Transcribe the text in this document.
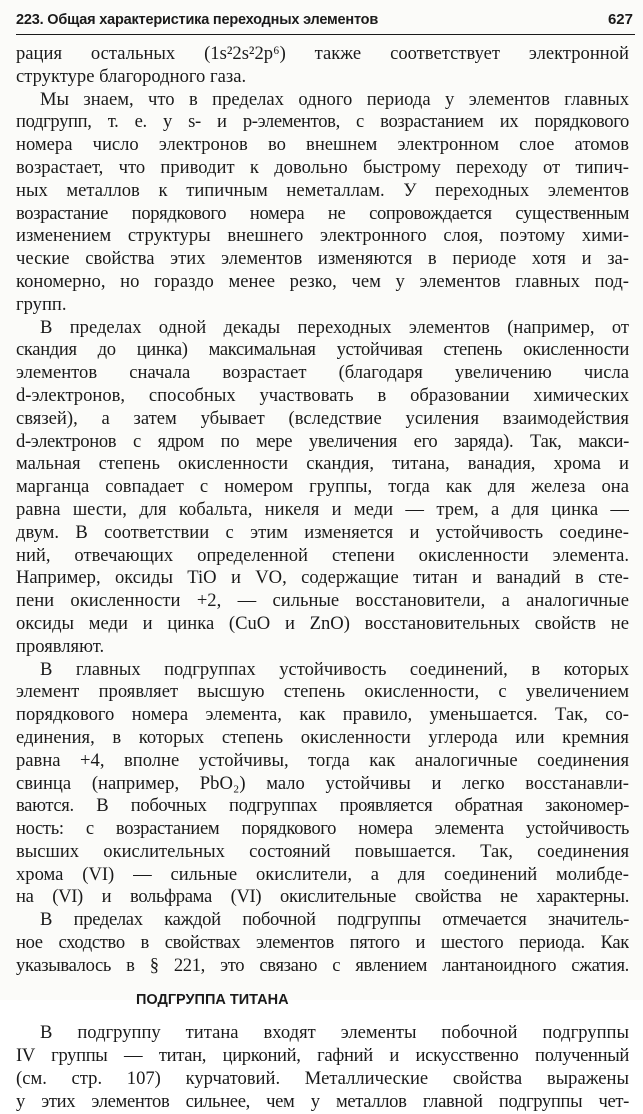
223. Общая характеристика переходных элементов	627
рация остальных (1s²2s²2p⁶) также соответствует электронной
структуре благородного газа.
Мы знаем, что в пределах одного периода у элементов главных
подгрупп, т. е. у s- и p-элементов, с возрастанием их порядкового
номера число электронов во внешнем электронном слое атомов
возрастает, что приводит к довольно быстрому переходу от типич-
ных металлов к типичным неметаллам. У переходных элементов
возрастание порядкового номера не сопровождается существенным
изменением структуры внешнего электронного слоя, поэтому хими-
ческие свойства этих элементов изменяются в периоде хотя и за-
кономерно, но гораздо менее резко, чем у элементов главных под-
групп.
В пределах одной декады переходных элементов (например, от
скандия до цинка) максимальная устойчивая степень окисленности
элементов сначала возрастает (благодаря увеличению числа
d-электронов, способных участвовать в образовании химических
связей), а затем убывает (вследствие усиления взаимодействия
d-электронов с ядром по мере увеличения его заряда). Так, макси-
мальная степень окисленности скандия, титана, ванадия, хрома и
марганца совпадает с номером группы, тогда как для железа она
равна шести, для кобальта, никеля и меди — трем, а для цинка —
двум. В соответствии с этим изменяется и устойчивость соедине-
ний, отвечающих определенной степени окисленности элемента.
Например, оксиды TiO и VO, содержащие титан и ванадий в сте-
пени окисленности +2, — сильные восстановители, а аналогичные
оксиды меди и цинка (CuO и ZnO) восстановительных свойств не
проявляют.
В главных подгруппах устойчивость соединений, в которых
элемент проявляет высшую степень окисленности, с увеличением
порядкового номера элемента, как правило, уменьшается. Так, со-
единения, в которых степень окисленности углерода или кремния
равна +4, вполне устойчивы, тогда как аналогичные соединения
свинца (например, PbO₂) мало устойчивы и легко восстанавли-
ваются. В побочных подгруппах проявляется обратная закономер-
ность: с возрастанием порядкового номера элемента устойчивость
высших окислительных состояний повышается. Так, соединения
хрома (VI) — сильные окислители, а для соединений молибде-
на (VI) и вольфрама (VI) окислительные свойства не характерны.
В пределах каждой побочной подгруппы отмечается значитель-
ное сходство в свойствах элементов пятого и шестого периода. Как
указывалось в § 221, это связано с явлением лантаноидного сжатия.
ПОДГРУППА ТИТАНА
В подгруппу титана входят элементы побочной подгруппы
IV группы — титан, цирконий, гафний и искусственно полученный
(см. стр. 107) курчатовий. Металлические свойства выражены
у этих элементов сильнее, чем у металлов главной подгруппы чет-
